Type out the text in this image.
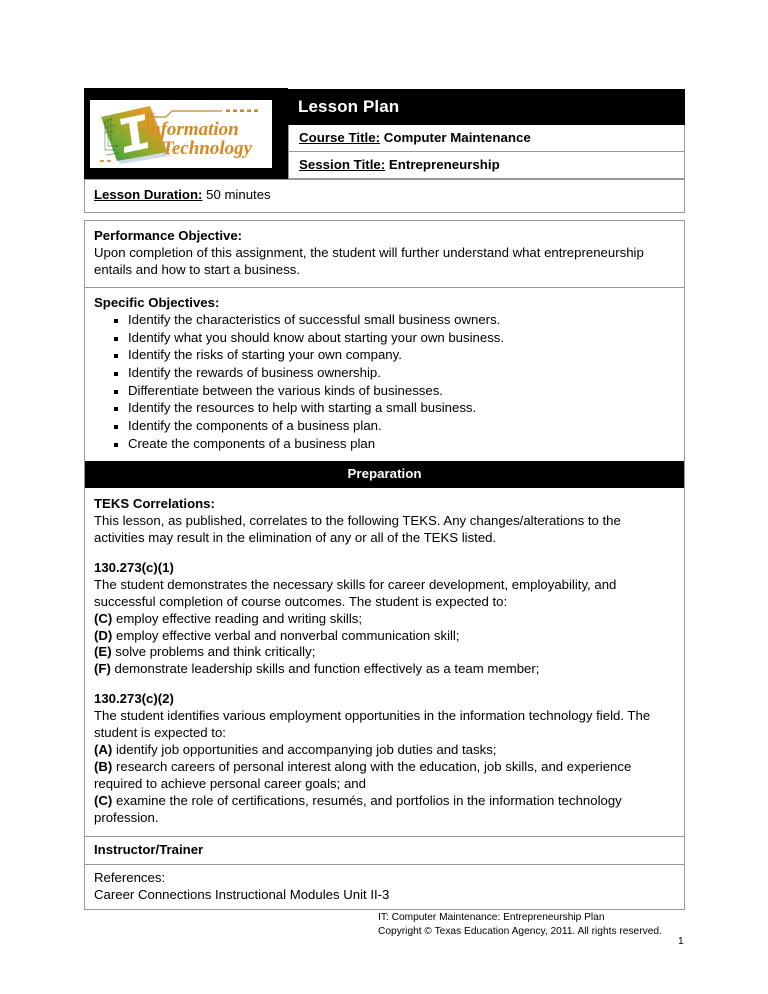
nformation
Technology

Lesson Plan
Course Title: Computer Maintenance
Session Title: Entrepreneurship

Lesson Duration: 50 minutes

Performance Objective:

Upon completion of this assignment, the student will further understand what entrepreneurship entails and how to start a business.

Specific Objectives:

Identify the characteristics of successful small business owners.
Identify what you should know about starting your own business.
Identify the risks of starting your own company.
Identify the rewards of business ownership.
Differentiate between the various kinds of businesses.
Identify the resources to help with starting a small business.
Identify the components of a business plan.
Create the components of a business plan

Preparation

TEKS Correlations:

This lesson, as published, correlates to the following TEKS. Any changes/alterations to the activities may result in the elimination of any or all of the TEKS listed.

130.273(c)(1)

The student demonstrates the necessary skills for career development, employability, and successful completion of course outcomes. The student is expected to:

(C) employ effective reading and writing skills;

(D) employ effective verbal and nonverbal communication skill;

(E) solve problems and think critically;

(F) demonstrate leadership skills and function effectively as a team member;

130.273(c)(2)

The student identifies various employment opportunities in the information technology field. The student is expected to:

(A) identify job opportunities and accompanying job duties and tasks;

(B) research careers of personal interest along with the education, job skills, and experience required to achieve personal career goals; and

(C) examine the role of certifications, resumés, and portfolios in the information technology profession.

Instructor/Trainer

References:

Career Connections Instructional Modules Unit II-3

IT: Computer Maintenance: Entrepreneurship Plan
Copyright © Texas Education Agency, 2011. All rights reserved.
1
